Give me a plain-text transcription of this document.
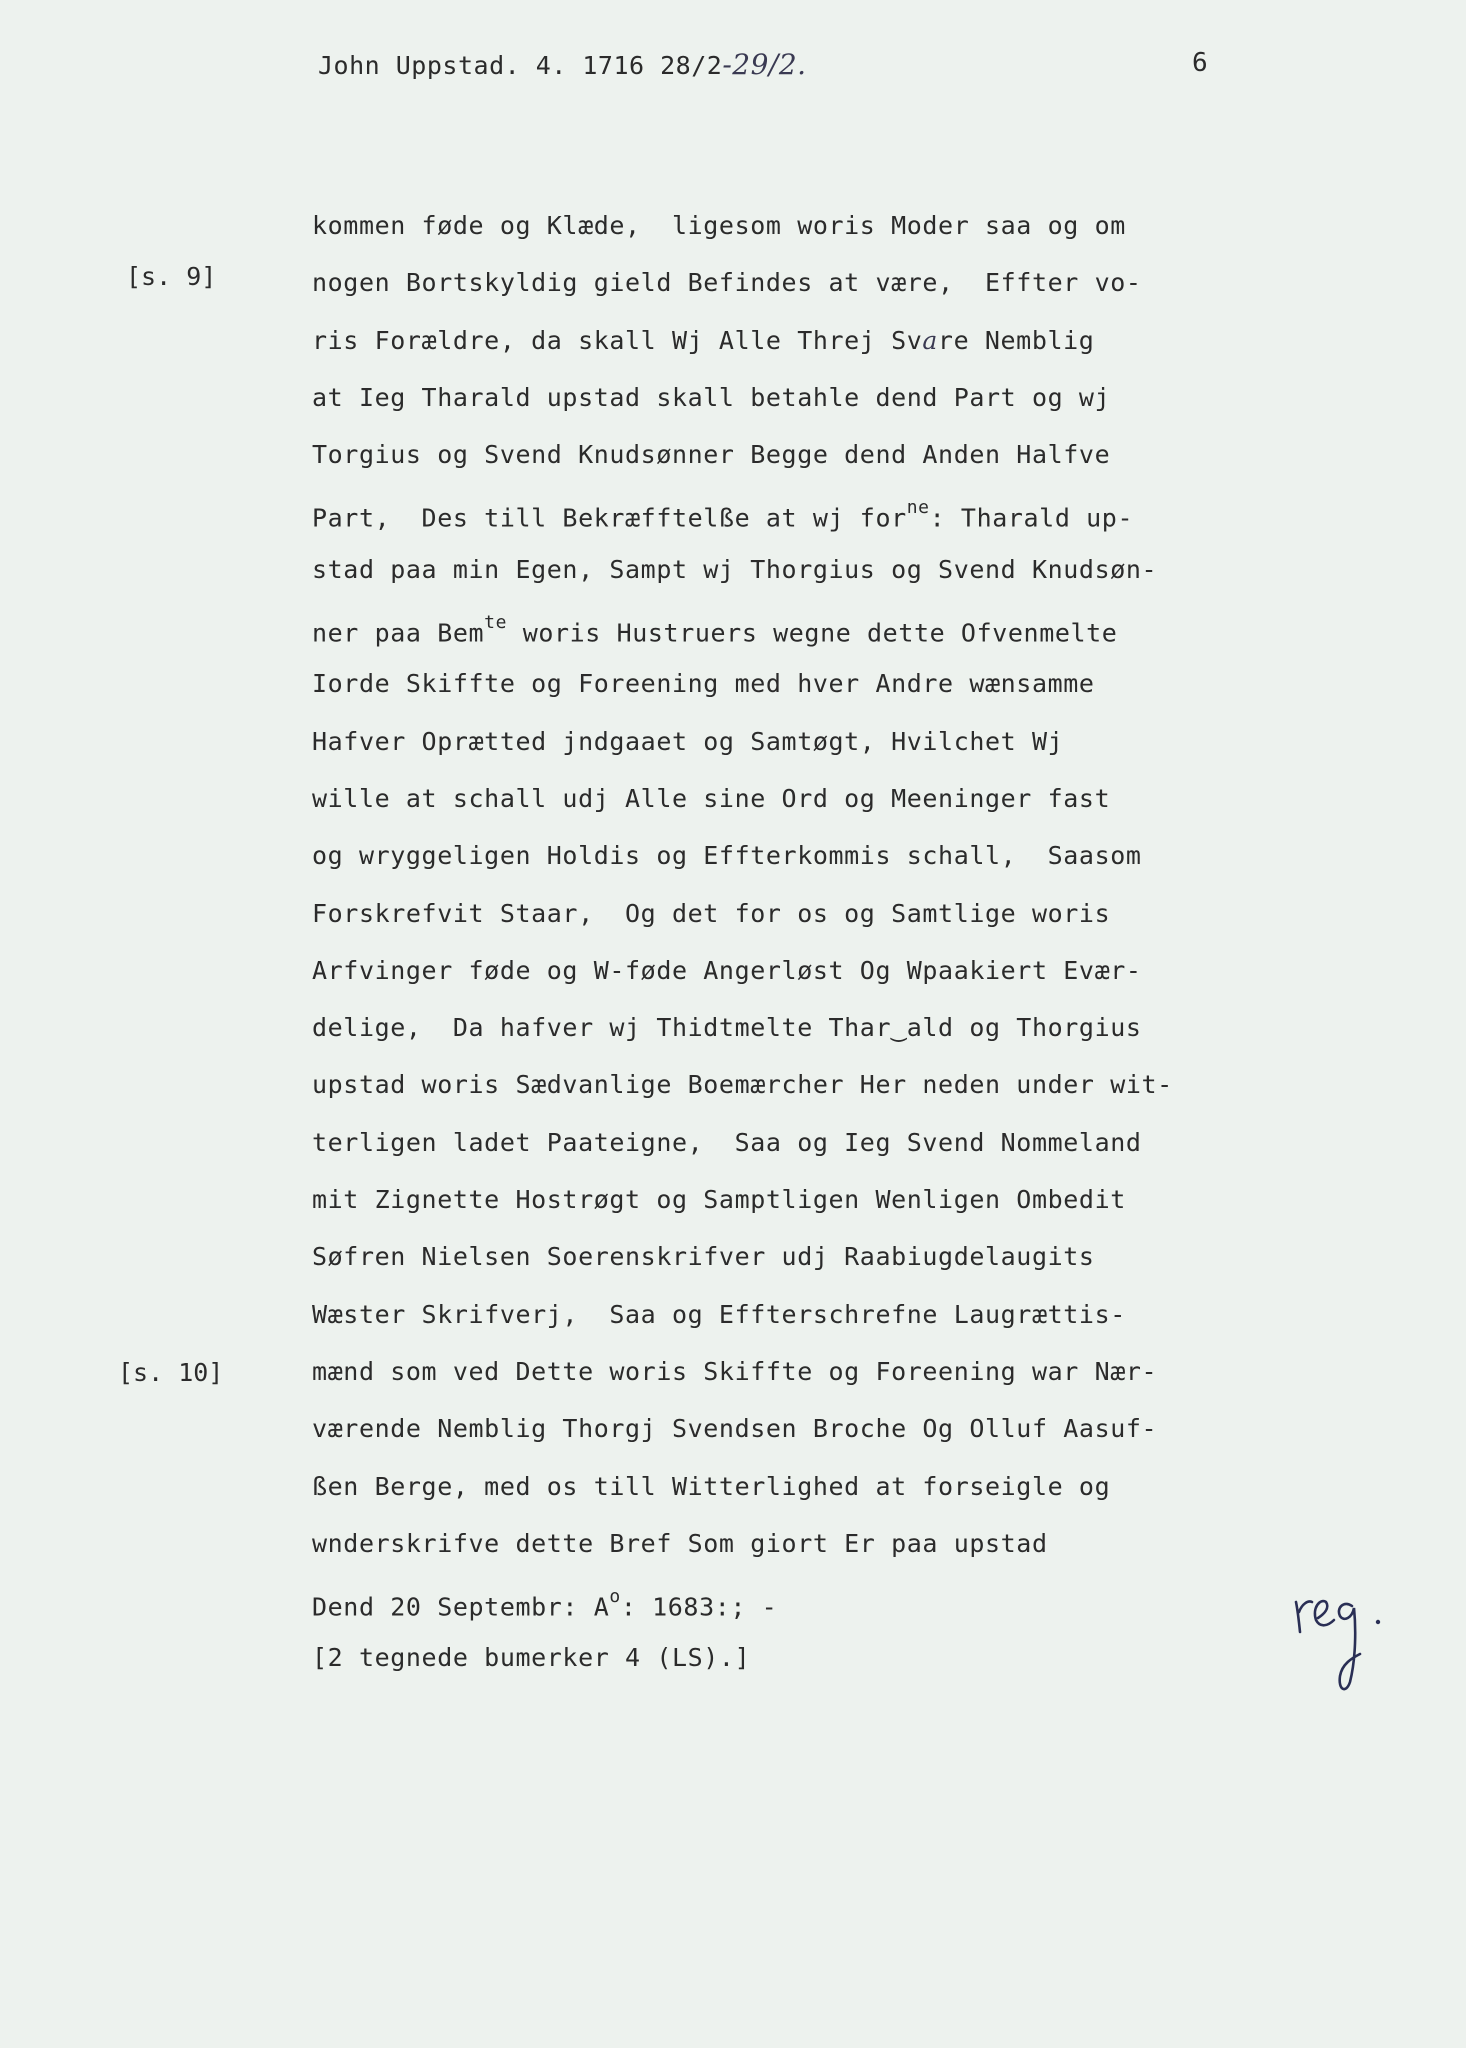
John Uppstad. 4. 1716 28/2-29/2.	6
[s. 9]
[s. 10]
kommen føde og Klæde,  ligesom woris Moder saa og om
nogen Bortskyldig gield Befindes at være,  Effter vo-
ris Forældre, da skall Wj Alle Threj Svare Nemblig
at Ieg Tharald upstad skall betahle dend Part og wj
Torgius og Svend Knudsønner Begge dend Anden Halfve
Part,  Des till Bekræfftelße at wj for$^{ne}$: Tharald up-
stad paa min Egen, Sampt wj Thorgius og Svend Knudsøn-
ner paa Bem$^{te}$ woris Hustruers wegne dette Ofvenmelte
Iorde Skiffte og Foreening med hver Andre wænsamme
Hafver Oprætted jndgaaet og Samtøgt, Hvilchet Wj
wille at schall udj Alle sine Ord og Meeninger fast
og wryggeligen Holdis og Effterkommis schall,  Saasom
Forskrefvit Staar,  Og det for os og Samtlige woris
Arfvinger føde og W-føde Angerløst Og Wpaakiert Evær-
delige,  Da hafver wj Thidtmelte Thar‿ald og Thorgius
upstad woris Sædvanlige Boemærcher Her neden under wit-
terligen ladet Paateigne,  Saa og Ieg Svend Nommeland
mit Zignette Hostrøgt og Samptligen Wenligen Ombedit
Søfren Nielsen Soerenskrifver udj Raabiugdelaugits
Wæster Skrifverj,  Saa og Effterschrefne Laugrættis-
mænd som ved Dette woris Skiffte og Foreening war Nær-
værende Nemblig Thorgj Svendsen Broche Og Olluf Aasuf-
ßen Berge, med os till Witterlighed at forseigle og
wnderskrifve dette Bref Som giort Er paa upstad
Dend 20 Septembr: $A^o$: 1683:; -
[2 tegnede bumerker 4 (LS).]
